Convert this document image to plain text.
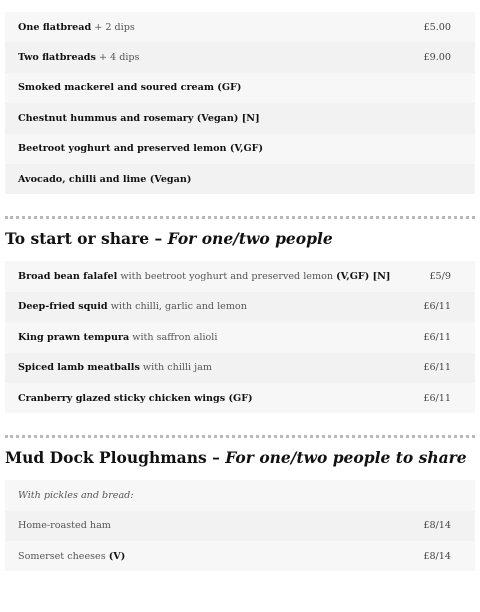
One flatbread + 2 dips	£5.00
Two flatbreads + 4 dips	£9.00
Smoked mackerel and soured cream (GF)
Chestnut hummus and rosemary (Vegan) [N]
Beetroot yoghurt and preserved lemon (V,GF)
Avocado, chilli and lime (Vegan)
To start or share – For one/two people
Broad bean falafel with beetroot yoghurt and preserved lemon (V,GF) [N]	£5/9
Deep-fried squid with chilli, garlic and lemon	£6/11
King prawn tempura with saffron alioli	£6/11
Spiced lamb meatballs with chilli jam	£6/11
Cranberry glazed sticky chicken wings (GF)	£6/11
Mud Dock Ploughmans – For one/two people to share
With pickles and bread:
Home-roasted ham	£8/14
Somerset cheeses (V)	£8/14
